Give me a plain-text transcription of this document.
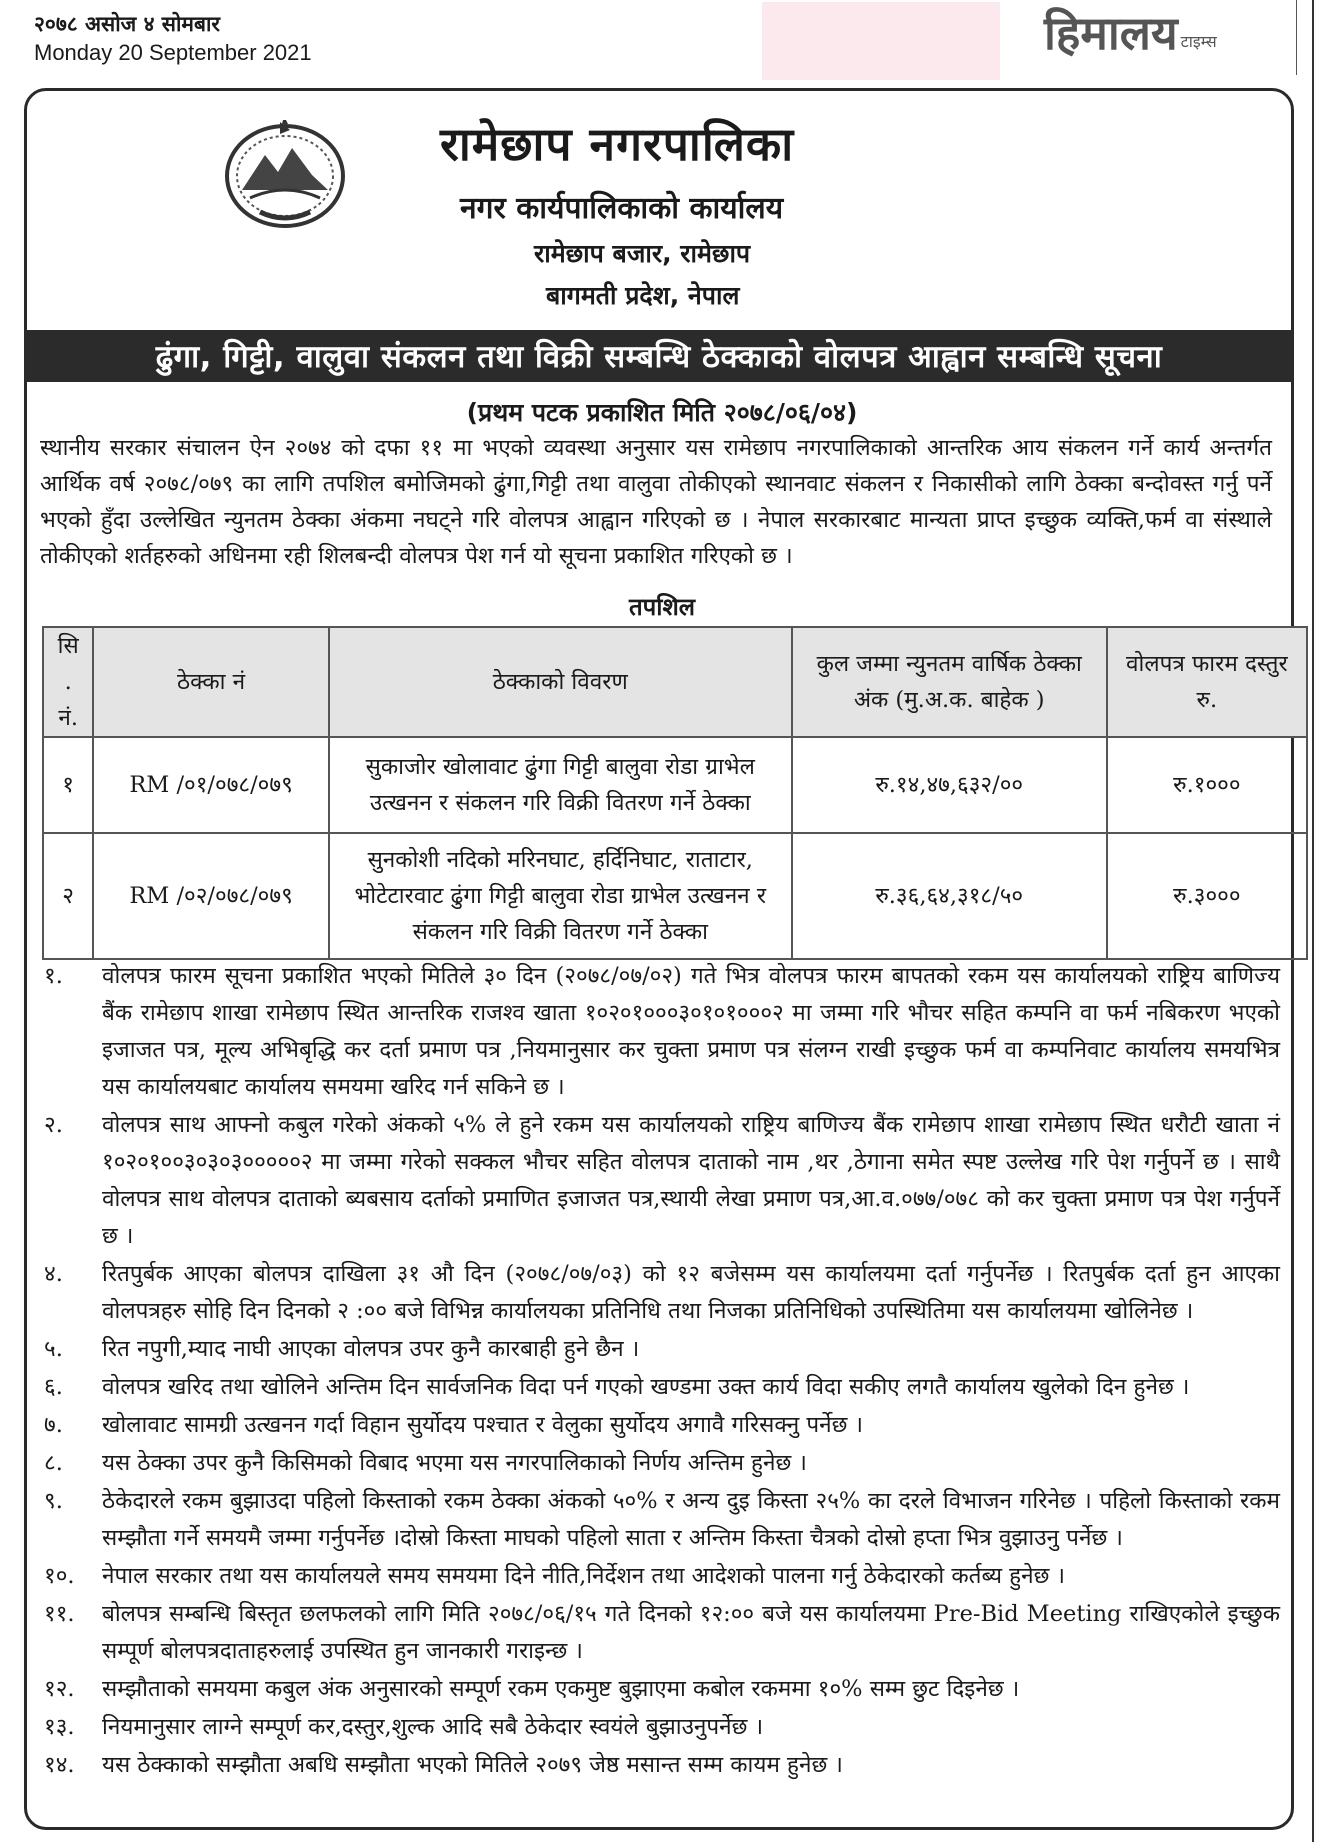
२०७८ असोज ४ सोमबार
Monday 20 September 2021	हिमालय टाइम्स
रामेछाप नगरपालिका
नगर कार्यपालिकाको कार्यालय
रामेछाप बजार, रामेछाप
बागमती प्रदेश, नेपाल
ढुंगा, गिट्टी, वालुवा संकलन तथा विक्री सम्बन्धि ठेक्काको वोलपत्र आह्वान सम्बन्धि सूचना
(प्रथम पटक प्रकाशित मिति २०७८/०६/०४)
स्थानीय सरकार संचालन ऐन २०७४ को दफा ११ मा भएको व्यवस्था अनुसार यस रामेछाप नगरपालिकाको आन्तरिक आय संकलन गर्ने कार्य अन्तर्गत आर्थिक वर्ष २०७८/०७९ का लागि तपशिल बमोजिमको ढुंगा,गिट्टी तथा वालुवा तोकीएको स्थानवाट संकलन र निकासीको लागि ठेक्का बन्दोवस्त गर्नु पर्ने भएको हुँदा उल्लेखित न्युनतम ठेक्का अंकमा नघट्ने गरि वोलपत्र आह्वान गरिएको छ । नेपाल सरकारबाट मान्यता प्राप्त इच्छुक व्यक्ति,फर्म वा संस्थाले तोकीएको शर्तहरुको अधिनमा रही शिलबन्दी वोलपत्र पेश गर्न यो सूचना प्रकाशित गरिएको छ ।
तपशिल
सि . नं.	ठेक्का नं	ठेक्काको विवरण	कुल जम्मा न्युनतम वार्षिक ठेक्का अंक (मु.अ.क. बाहेक )	वोलपत्र फारम दस्तुर रु.
१	RM /०१/०७८/०७९	सुकाजोर खोलावाट ढुंगा गिट्टी बालुवा रोडा ग्राभेल उत्खनन र संकलन गरि विक्री वितरण गर्ने ठेक्का	रु.१४,४७,६३२/००	रु.१०००
२	RM /०२/०७८/०७९	सुनकोशी नदिको मरिनघाट, हर्दिनिघाट, राताटार, भोटेटारवाट ढुंगा गिट्टी बालुवा रोडा ग्राभेल उत्खनन र संकलन गरि विक्री वितरण गर्ने ठेक्का	रु.३६,६४,३१८/५०	रु.३०००
१.	वोलपत्र फारम सूचना प्रकाशित भएको मितिले ३० दिन (२०७८/०७/०२) गते भित्र वोलपत्र फारम बापतको रकम यस कार्यालयको राष्ट्रिय बाणिज्य बैंक रामेछाप शाखा रामेछाप स्थित आन्तरिक राजश्व खाता १०२०१०००३०१०१०००२ मा जम्मा गरि भौचर सहित कम्पनि वा फर्म नबिकरण भएको इजाजत पत्र, मूल्य अभिबृद्धि कर दर्ता प्रमाण पत्र ,नियमानुसार कर चुक्ता प्रमाण पत्र संलग्न राखी इच्छुक फर्म वा कम्पनिवाट कार्यालय समयभित्र यस कार्यालयबाट कार्यालय समयमा खरिद गर्न सकिने छ ।
२.	वोलपत्र साथ आफ्नो कबुल गरेको अंकको ५% ले हुने रकम यस कार्यालयको राष्ट्रिय बाणिज्य बैंक रामेछाप शाखा रामेछाप स्थित धरौटी खाता नं १०२०१००३०३०३०००००२ मा जम्मा गरेको सक्कल भौचर सहित वोलपत्र दाताको नाम ,थर ,ठेगाना समेत स्पष्ट उल्लेख गरि पेश गर्नुपर्ने छ । साथै वोलपत्र साथ वोलपत्र दाताको ब्यबसाय दर्ताको प्रमाणित इजाजत पत्र,स्थायी लेखा प्रमाण पत्र,आ.व.०७७/०७८ को कर चुक्ता प्रमाण पत्र पेश गर्नुपर्ने छ ।
४.	रितपुर्बक आएका बोलपत्र दाखिला ३१ औ दिन (२०७८/०७/०३) को १२ बजेसम्म यस कार्यालयमा दर्ता गर्नुपर्नेछ । रितपुर्बक दर्ता हुन आएका वोलपत्रहरु सोहि दिन दिनको २ :०० बजे विभिन्न कार्यालयका प्रतिनिधि तथा निजका प्रतिनिधिको उपस्थितिमा यस कार्यालयमा खोलिनेछ ।
५.	रित नपुगी,म्याद नाघी आएका वोलपत्र उपर कुनै कारबाही हुने छैन ।
६.	वोलपत्र खरिद तथा खोलिने अन्तिम दिन सार्वजनिक विदा पर्न गएको खण्डमा उक्त कार्य विदा सकीए लगतै कार्यालय खुलेको दिन हुनेछ ।
७.	खोलावाट सामग्री उत्खनन गर्दा विहान सुर्योदय पश्चात र वेलुका सुर्योदय अगावै गरिसक्नु पर्नेछ ।
८.	यस ठेक्का उपर कुनै किसिमको विबाद भएमा यस नगरपालिकाको निर्णय अन्तिम हुनेछ ।
९.	ठेकेदारले रकम बुझाउदा पहिलो किस्ताको रकम ठेक्का अंकको ५०% र अन्य दुइ किस्ता २५% का दरले विभाजन गरिनेछ । पहिलो किस्ताको रकम सम्झौता गर्ने समयमै जम्मा गर्नुपर्नेछ ।दोस्रो किस्ता माघको पहिलो साता र अन्तिम किस्ता चैत्रको दोस्रो हप्ता भित्र वुझाउनु पर्नेछ ।
१०.	नेपाल सरकार तथा यस कार्यालयले समय समयमा दिने नीति,निर्देशन तथा आदेशको पालना गर्नु ठेकेदारको कर्तब्य हुनेछ ।
११.	बोलपत्र सम्बन्धि बिस्तृत छलफलको लागि मिति २०७८/०६/१५ गते दिनको १२:०० बजे यस कार्यालयमा Pre-Bid Meeting राखिएकोले इच्छुक सम्पूर्ण बोलपत्रदाताहरुलाई उपस्थित हुन जानकारी गराइन्छ ।
१२.	सम्झौताको समयमा कबुल अंक अनुसारको सम्पूर्ण रकम एकमुष्ट बुझाएमा कबोल रकममा १०% सम्म छुट दिइनेछ ।
१३.	नियमानुसार लाग्ने सम्पूर्ण कर,दस्तुर,शुल्क आदि सबै ठेकेदार स्वयंले बुझाउनुपर्नेछ ।
१४.	यस ठेक्काको सम्झौता अबधि सम्झौता भएको मितिले २०७९ जेष्ठ मसान्त सम्म कायम हुनेछ ।
